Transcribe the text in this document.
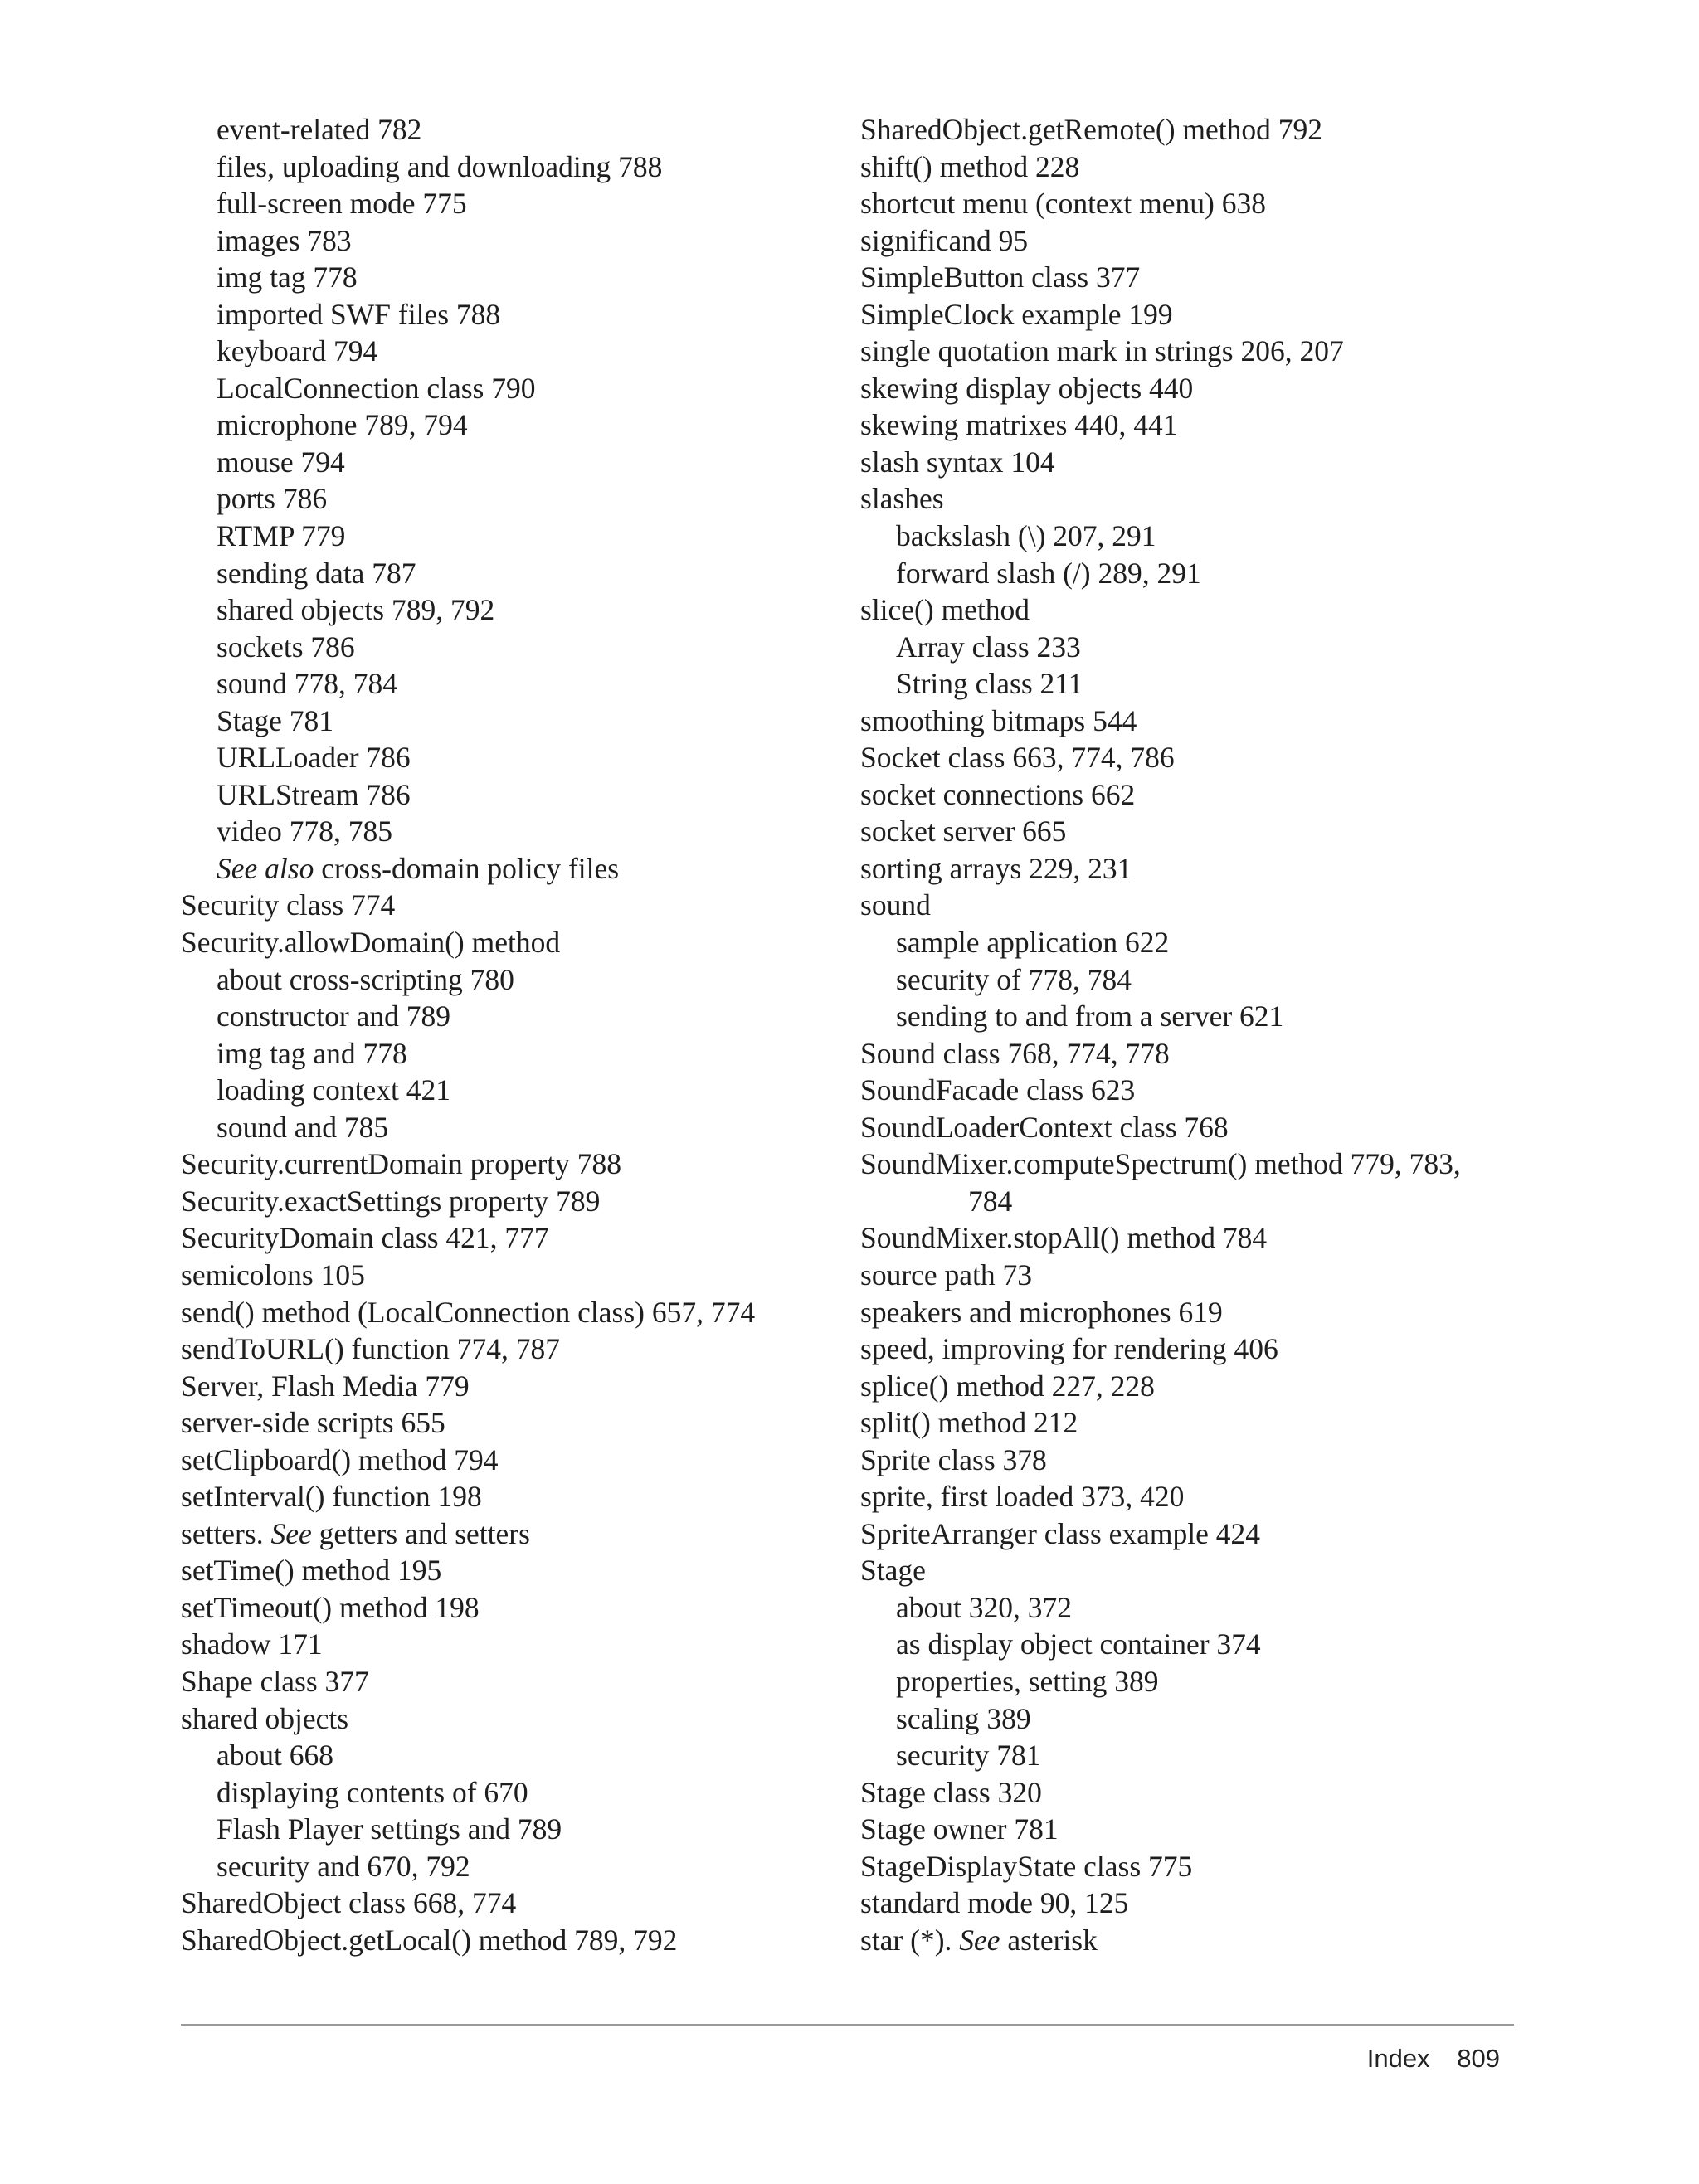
event-related 782
files, uploading and downloading 788
full-screen mode 775
images 783
img tag 778
imported SWF files 788
keyboard 794
LocalConnection class 790
microphone 789, 794
mouse 794
ports 786
RTMP 779
sending data 787
shared objects 789, 792
sockets 786
sound 778, 784
Stage 781
URLLoader 786
URLStream 786
video 778, 785
See also cross-domain policy files
Security class 774
Security.allowDomain() method
about cross-scripting 780
constructor and 789
img tag and 778
loading context 421
sound and 785
Security.currentDomain property 788
Security.exactSettings property 789
SecurityDomain class 421, 777
semicolons 105
send() method (LocalConnection class) 657, 774
sendToURL() function 774, 787
Server, Flash Media 779
server-side scripts 655
setClipboard() method 794
setInterval() function 198
setters. See getters and setters
setTime() method 195
setTimeout() method 198
shadow 171
Shape class 377
shared objects
about 668
displaying contents of 670
Flash Player settings and 789
security and 670, 792
SharedObject class 668, 774
SharedObject.getLocal() method 789, 792
SharedObject.getRemote() method 792
shift() method 228
shortcut menu (context menu) 638
significand 95
SimpleButton class 377
SimpleClock example 199
single quotation mark in strings 206, 207
skewing display objects 440
skewing matrixes 440, 441
slash syntax 104
slashes
backslash (\) 207, 291
forward slash (/) 289, 291
slice() method
Array class 233
String class 211
smoothing bitmaps 544
Socket class 663, 774, 786
socket connections 662
socket server 665
sorting arrays 229, 231
sound
sample application 622
security of 778, 784
sending to and from a server 621
Sound class 768, 774, 778
SoundFacade class 623
SoundLoaderContext class 768
SoundMixer.computeSpectrum() method 779, 783,
784
SoundMixer.stopAll() method 784
source path 73
speakers and microphones 619
speed, improving for rendering 406
splice() method 227, 228
split() method 212
Sprite class 378
sprite, first loaded 373, 420
SpriteArranger class example 424
Stage
about 320, 372
as display object container 374
properties, setting 389
scaling 389
security 781
Stage class 320
Stage owner 781
StageDisplayState class 775
standard mode 90, 125
star (*). See asterisk
Index 809
